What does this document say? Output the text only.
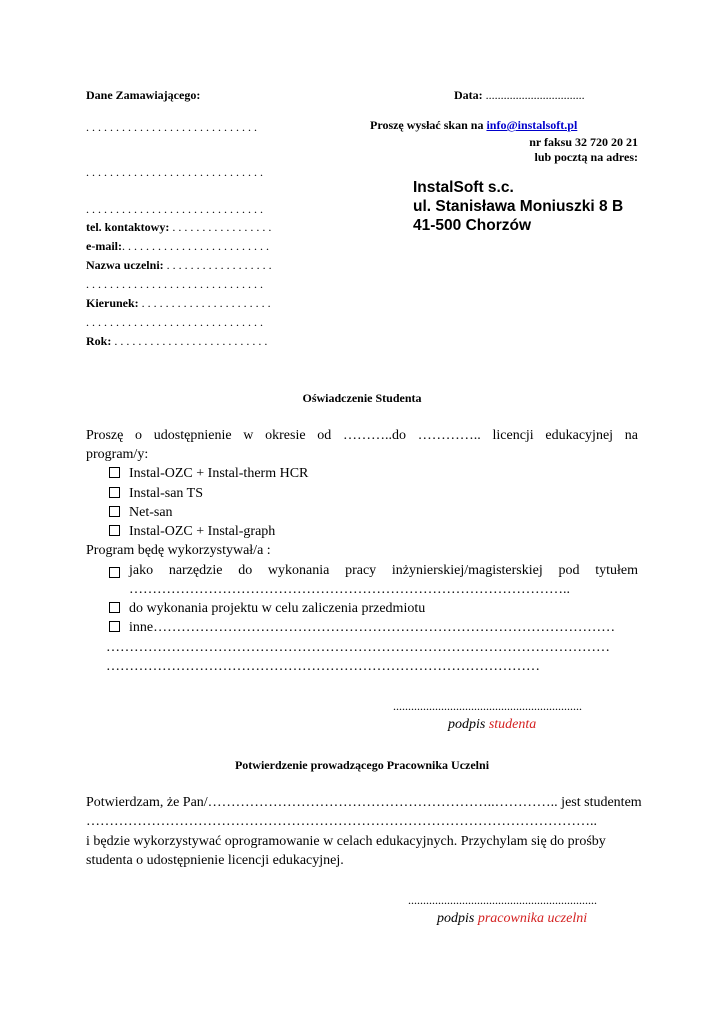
Dane Zamawiającego:	Data: .................................
Proszę wysłać skan na info@instalsoft.pl
nr faksu 32 720 20 21
lub pocztą na adres:
InstalSoft s.c.
ul. Stanisława Moniuszki 8 B
41-500 Chorzów
. . . . . . . . . . . . . . . . . . . . . . . . . . . . .
. . . . . . . . . . . . . . . . . . . . . . . . . . . . . .
. . . . . . . . . . . . . . . . . . . . . . . . . . . . . .
tel. kontaktowy: . . . . . . . . . . . . . . . . .
e-mail:. . . . . . . . . . . . . . . . . . . . . . . . .
Nazwa uczelni: . . . . . . . . . . . . . . . . . .
. . . . . . . . . . . . . . . . . . . . . . . . . . . . . .
Kierunek: . . . . . . . . . . . . . . . . . . . . . .
. . . . . . . . . . . . . . . . . . . . . . . . . . . . . .
Rok: . . . . . . . . . . . . . . . . . . . . . . . . . .
Oświadczenie Studenta
Proszę o udostępnienie w okresie od ………..do ………….. licencji edukacyjnej na
program/y:
Instal-OZC + Instal-therm HCR
Instal-san TS
Net-san
Instal-OZC + Instal-graph
Program będę wykorzystywał/a :
jako narzędzie do wykonania pracy inżynierskiej/magisterskiej pod tytułem
…………………………………………………………………………………..
do wykonania projektu w celu zaliczenia przedmiotu
inne………………………………………………………………………………………
………………………………………………………………………………………………
…………………………………………………………………………………
...............................................................
podpis studenta
Potwierdzenie prowadzącego Pracownika Uczelni
Potwierdzam, że Pan/……………………………………………………..………….. jest studentem
………………………………………………………………………………………………..
i będzie wykorzystywać oprogramowanie w celach edukacyjnych. Przychylam się do prośby
studenta o udostępnienie licencji edukacyjnej.
...............................................................
podpis pracownika uczelni
